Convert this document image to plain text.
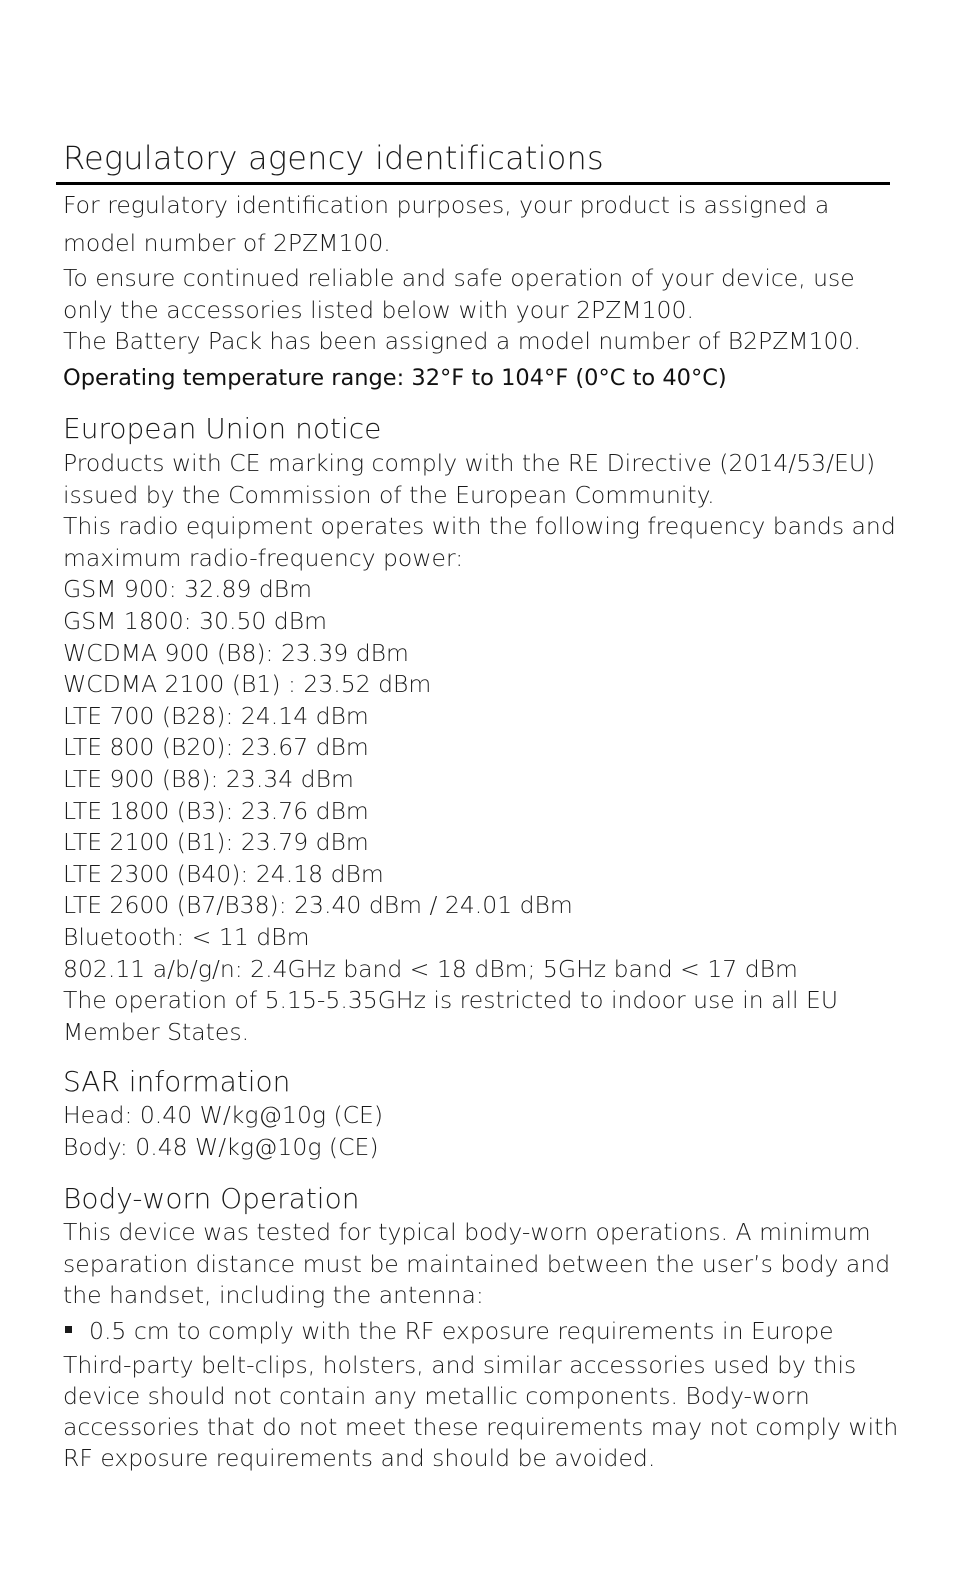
Regulatory agency identifications
For regulatory identification purposes, your product is assigned a
model number of 2PZM100.
To ensure continued reliable and safe operation of your device, use
only the accessories listed below with your 2PZM100.
The Battery Pack has been assigned a model number of B2PZM100.
Operating temperature range: 32°F to 104°F (0°C to 40°C)
European Union notice
Products with CE marking comply with the RE Directive (2014/53/EU)
issued by the Commission of the European Community.
This radio equipment operates with the following frequency bands and
maximum radio-frequency power:
GSM 900: 32.89 dBm
GSM 1800: 30.50 dBm
WCDMA 900 (B8): 23.39 dBm
WCDMA 2100 (B1) : 23.52 dBm
LTE 700 (B28): 24.14 dBm
LTE 800 (B20): 23.67 dBm
LTE 900 (B8): 23.34 dBm
LTE 1800 (B3): 23.76 dBm
LTE 2100 (B1): 23.79 dBm
LTE 2300 (B40): 24.18 dBm
LTE 2600 (B7/B38): 23.40 dBm / 24.01 dBm
Bluetooth: < 11 dBm
802.11 a/b/g/n: 2.4GHz band < 18 dBm; 5GHz band < 17 dBm
The operation of 5.15-5.35GHz is restricted to indoor use in all EU
Member States.
SAR information
Head: 0.40 W/kg@10g (CE)
Body: 0.48 W/kg@10g (CE)
Body-worn Operation
This device was tested for typical body-worn operations. A minimum
separation distance must be maintained between the user’s body and
the handset, including the antenna:
0.5 cm to comply with the RF exposure requirements in Europe
Third-party belt-clips, holsters, and similar accessories used by this
device should not contain any metallic components. Body-worn
accessories that do not meet these requirements may not comply with
RF exposure requirements and should be avoided.
